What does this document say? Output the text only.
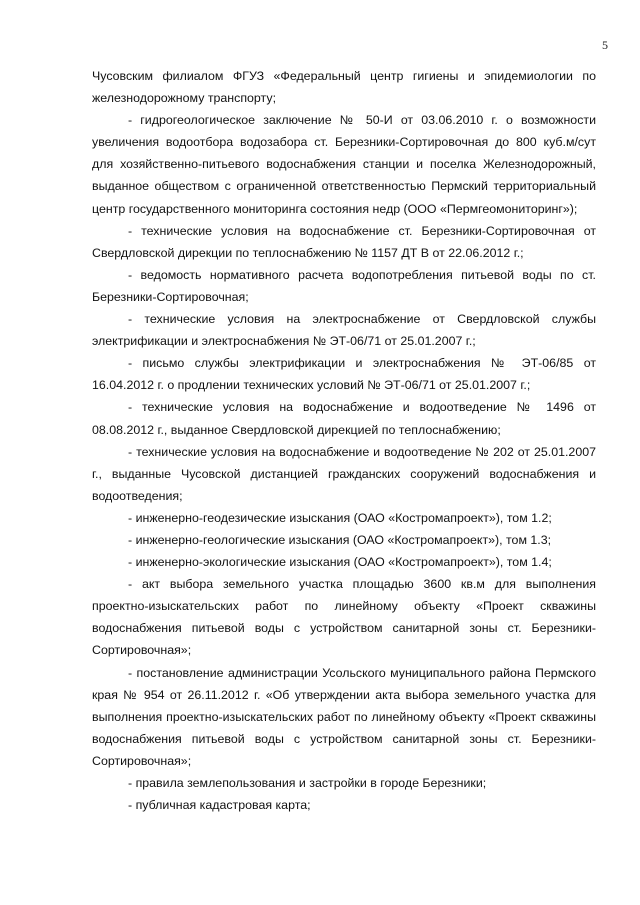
5

Чусовским филиалом ФГУЗ «Федеральный центр гигиены и эпидемиологии по железнодорожному транспорту;

- гидрогеологическое заключение № 50-И от 03.06.2010 г. о возможности увеличения водоотбора водозабора ст. Березники-Сортировочная до 800 куб.м/сут для хозяйственно-питьевого водоснабжения станции и поселка Железнодорожный, выданное обществом с ограниченной ответственностью Пермский территориальный центр государственного мониторинга состояния недр (ООО «Пермгеомониторинг»);

- технические условия на водоснабжение ст. Березники-Сортировочная от Свердловской дирекции по теплоснабжению № 1157 ДТ В от 22.06.2012 г.;

- ведомость нормативного расчета водопотребления питьевой воды по ст. Березники-Сортировочная;

- технические условия на электроснабжение от Свердловской службы электрификации и электроснабжения № ЭТ-06/71 от 25.01.2007 г.;

- письмо службы электрификации и электроснабжения № ЭТ-06/85 от 16.04.2012 г. о продлении технических условий № ЭТ-06/71 от 25.01.2007 г.;

- технические условия на водоснабжение и водоотведение № 1496 от 08.08.2012 г., выданное Свердловской дирекцией по теплоснабжению;

- технические условия на водоснабжение и водоотведение № 202 от 25.01.2007 г., выданные Чусовской дистанцией гражданских сооружений водоснабжения и водоотведения;

- инженерно-геодезические изыскания (ОАО «Костромапроект»), том 1.2;

- инженерно-геологические изыскания (ОАО «Костромапроект»), том 1.3;

- инженерно-экологические изыскания (ОАО «Костромапроект»), том 1.4;

- акт выбора земельного участка площадью 3600 кв.м для выполнения проектно-изыскательских работ по линейному объекту «Проект скважины водоснабжения питьевой воды с устройством санитарной зоны ст. Березники-Сортировочная»;

- постановление администрации Усольского муниципального района Пермского края № 954 от 26.11.2012 г. «Об утверждении акта выбора земельного участка для выполнения проектно-изыскательских работ по линейному объекту «Проект скважины водоснабжения питьевой воды с устройством санитарной зоны ст. Березники-Сортировочная»;

- правила землепользования и застройки в городе Березники;

- публичная кадастровая карта;
